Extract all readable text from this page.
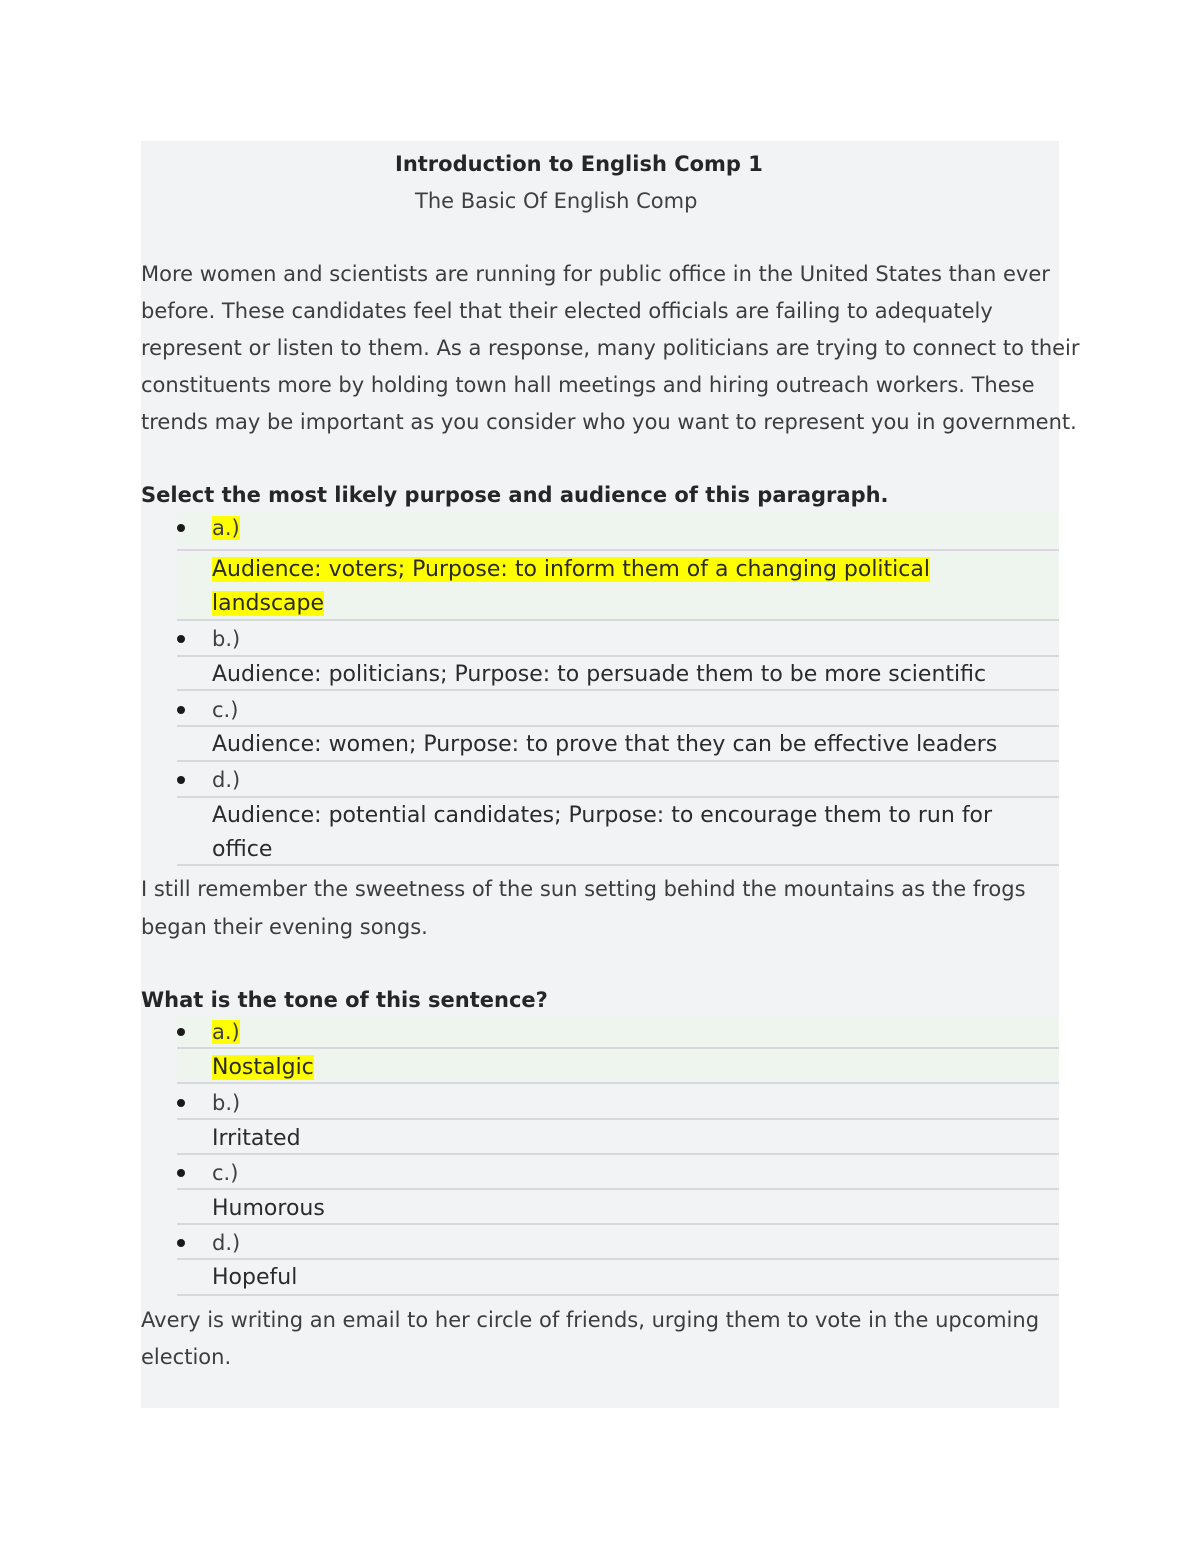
Introduction to English Comp 1
The Basic Of English Comp
More women and scientists are running for public office in the United States than ever
before. These candidates feel that their elected officials are failing to adequately
represent or listen to them. As a response, many politicians are trying to connect to their
constituents more by holding town hall meetings and hiring outreach workers. These
trends may be important as you consider who you want to represent you in government.
Select the most likely purpose and audience of this paragraph.
a.)
Audience: voters; Purpose: to inform them of a changing political
landscape
b.)
Audience: politicians; Purpose: to persuade them to be more scientific
c.)
Audience: women; Purpose: to prove that they can be effective leaders
d.)
Audience: potential candidates; Purpose: to encourage them to run for
office
I still remember the sweetness of the sun setting behind the mountains as the frogs
began their evening songs.
What is the tone of this sentence?
a.)
Nostalgic
b.)
Irritated
c.)
Humorous
d.)
Hopeful
Avery is writing an email to her circle of friends, urging them to vote in the upcoming
election.
